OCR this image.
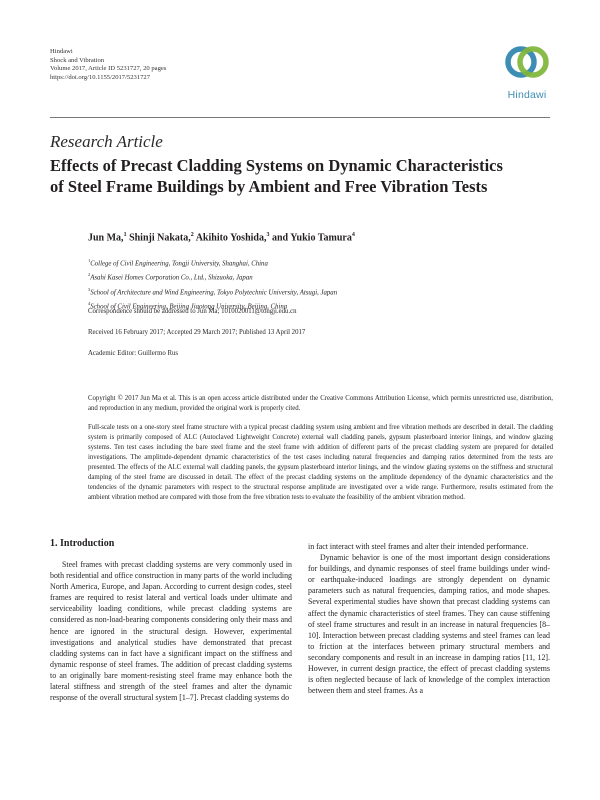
Hindawi
Shock and Vibration
Volume 2017, Article ID 5231727, 20 pages
https://doi.org/10.1155/2017/5231727
Hindawi
Research Article
Effects of Precast Cladding Systems on Dynamic Characteristics
of Steel Frame Buildings by Ambient and Free Vibration Tests
Jun Ma,$^1$ Shinji Nakata,$^2$ Akihito Yoshida,$^3$ and Yukio Tamura$^4$
$^1$College of Civil Engineering, Tongji University, Shanghai, China
$^2$Asahi Kasei Homes Corporation Co., Ltd., Shizuoka, Japan
$^3$School of Architecture and Wind Engineering, Tokyo Polytechnic University, Atsugi, Japan
$^4$School of Civil Engineering, Beijing Jiaotong University, Beijing, China
Correspondence should be addressed to Jun Ma; 1010020011@tongji.edu.cn
Received 16 February 2017; Accepted 29 March 2017; Published 13 April 2017
Academic Editor: Guillermo Rus
Copyright © 2017 Jun Ma et al. This is an open access article distributed under the Creative Commons Attribution License, which permits unrestricted use, distribution, and reproduction in any medium, provided the original work is properly cited.
Full-scale tests on a one-story steel frame structure with a typical precast cladding system using ambient and free vibration methods are described in detail. The cladding system is primarily composed of ALC (Autoclaved Lightweight Concrete) external wall cladding panels, gypsum plasterboard interior linings, and window glazing systems. Ten test cases including the bare steel frame and the steel frame with addition of different parts of the precast cladding system are prepared for detailed investigations. The amplitude-dependent dynamic characteristics of the test cases including natural frequencies and damping ratios determined from the tests are presented. The effects of the ALC external wall cladding panels, the gypsum plasterboard interior linings, and the window glazing systems on the stiffness and structural damping of the steel frame are discussed in detail. The effect of the precast cladding systems on the amplitude dependency of the dynamic characteristics and the tendencies of the dynamic parameters with respect to the structural response amplitude are investigated over a wide range. Furthermore, results estimated from the ambient vibration method are compared with those from the free vibration tests to evaluate the feasibility of the ambient vibration method.
1. Introduction

Steel frames with precast cladding systems are very commonly used in both residential and office construction in many parts of the world including North America, Europe, and Japan. According to current design codes, steel frames are required to resist lateral and vertical loads under ultimate and serviceability loading conditions, while precast cladding systems are considered as non-load-bearing components considering only their mass and hence are ignored in the structural design. However, experimental investigations and analytical studies have demonstrated that precast cladding systems can in fact have a significant impact on the stiffness and dynamic response of steel frames. The addition of precast cladding systems to an originally bare moment-resisting steel frame may enhance both the lateral stiffness and strength of the steel frames and alter the dynamic response of the overall structural system [1–7]. Precast cladding systems do

in fact interact with steel frames and alter their intended performance.

Dynamic behavior is one of the most important design considerations for buildings, and dynamic responses of steel frame buildings under wind- or earthquake-induced loadings are strongly dependent on dynamic parameters such as natural frequencies, damping ratios, and mode shapes. Several experimental studies have shown that precast cladding systems can affect the dynamic characteristics of steel frames. They can cause stiffening of steel frame structures and result in an increase in natural frequencies [8–10]. Interaction between precast cladding systems and steel frames can lead to friction at the interfaces between primary structural members and secondary components and result in an increase in damping ratios [11, 12]. However, in current design practice, the effect of precast cladding systems is often neglected because of lack of knowledge of the complex interaction between them and steel frames. As a
